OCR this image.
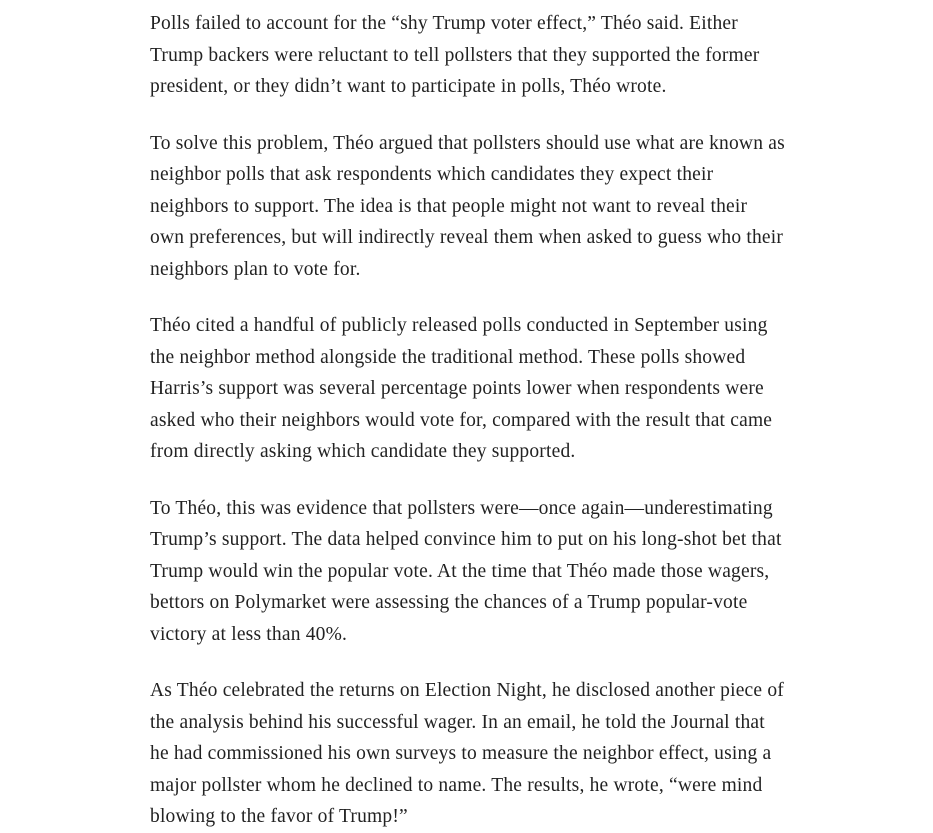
Polls failed to account for the “shy Trump voter effect,” Théo said. Either Trump backers were reluctant to tell pollsters that they supported the former president, or they didn’t want to participate in polls, Théo wrote.

To solve this problem, Théo argued that pollsters should use what are known as neighbor polls that ask respondents which candidates they expect their neighbors to support. The idea is that people might not want to reveal their own preferences, but will indirectly reveal them when asked to guess who their neighbors plan to vote for.

Théo cited a handful of publicly released polls conducted in September using the neighbor method alongside the traditional method. These polls showed Harris’s support was several percentage points lower when respondents were asked who their neighbors would vote for, compared with the result that came from directly asking which candidate they supported.

To Théo, this was evidence that pollsters were—once again—underestimating Trump’s support. The data helped convince him to put on his long-shot bet that Trump would win the popular vote. At the time that Théo made those wagers, bettors on Polymarket were assessing the chances of a Trump popular-vote victory at less than 40%.

As Théo celebrated the returns on Election Night, he disclosed another piece of the analysis behind his successful wager. In an email, he told the Journal that he had commissioned his own surveys to measure the neighbor effect, using a major pollster whom he declined to name. The results, he wrote, “were mind blowing to the favor of Trump!”
